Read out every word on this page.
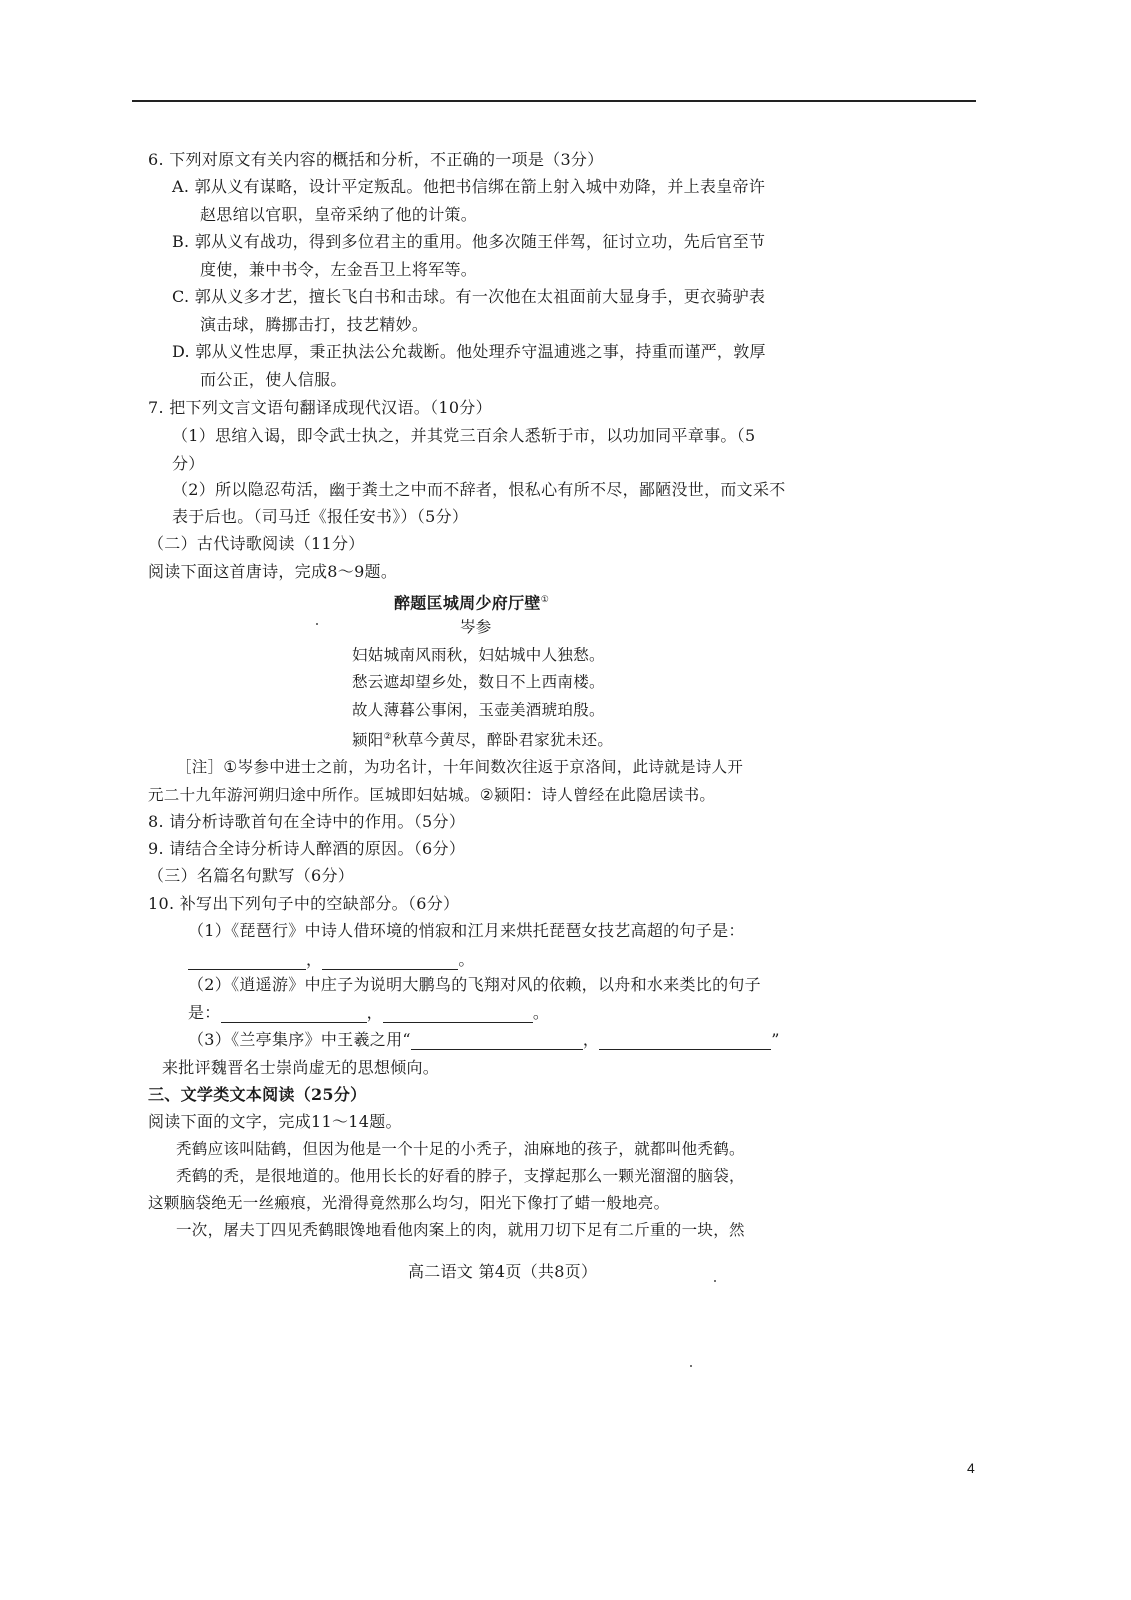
6. 下列对原文有关内容的概括和分析，不正确的一项是（3分）
A. 郭从义有谋略，设计平定叛乱。他把书信绑在箭上射入城中劝降，并上表皇帝许
赵思绾以官职，皇帝采纳了他的计策。
B. 郭从义有战功，得到多位君主的重用。他多次随王伴驾，征讨立功，先后官至节
度使，兼中书令，左金吾卫上将军等。
C. 郭从义多才艺，擅长飞白书和击球。有一次他在太祖面前大显身手，更衣骑驴表
演击球，腾挪击打，技艺精妙。
D. 郭从义性忠厚，秉正执法公允裁断。他处理乔守温逋逃之事，持重而谨严，敦厚
而公正，使人信服。
7. 把下列文言文语句翻译成现代汉语。（10分）
（1）思绾入谒，即令武士执之，并其党三百余人悉斩于市，以功加同平章事。（5
分）
（2）所以隐忍苟活，幽于粪土之中而不辞者，恨私心有所不尽，鄙陋没世，而文采不
表于后也。（司马迁《报任安书》）（5分）
（二）古代诗歌阅读（11分）
阅读下面这首唐诗，完成8～9题。
醉题匡城周少府厅壁①
岑参
妇姑城南风雨秋，妇姑城中人独愁。
愁云遮却望乡处，数日不上西南楼。
故人薄暮公事闲，玉壶美酒琥珀殷。
颍阳②秋草今黄尽，醉卧君家犹未还。
［注］①岑参中进士之前，为功名计，十年间数次往返于京洛间，此诗就是诗人开
元二十九年游河朔归途中所作。匡城即妇姑城。②颍阳：诗人曾经在此隐居读书。
8. 请分析诗歌首句在全诗中的作用。（5分）
9. 请结合全诗分析诗人醉酒的原因。（6分）
（三）名篇名句默写（6分）
10. 补写出下列句子中的空缺部分。（6分）
（1）《琵琶行》中诗人借环境的悄寂和江月来烘托琵琶女技艺高超的句子是：
，	。
（2）《逍遥游》中庄子为说明大鹏鸟的飞翔对风的依赖，以舟和水来类比的句子
是：	，	。
（3）《兰亭集序》中王羲之用“	，	”
来批评魏晋名士崇尚虚无的思想倾向。
三、文学类文本阅读（25分）
阅读下面的文字，完成11～14题。
秃鹤应该叫陆鹤，但因为他是一个十足的小秃子，油麻地的孩子，就都叫他秃鹤。
秃鹤的秃，是很地道的。他用长长的好看的脖子，支撑起那么一颗光溜溜的脑袋，
这颗脑袋绝无一丝瘢痕，光滑得竟然那么均匀，阳光下像打了蜡一般地亮。
一次，屠夫丁四见秃鹤眼馋地看他肉案上的肉，就用刀切下足有二斤重的一块，然
高二语文 第4页（共8页）
4
